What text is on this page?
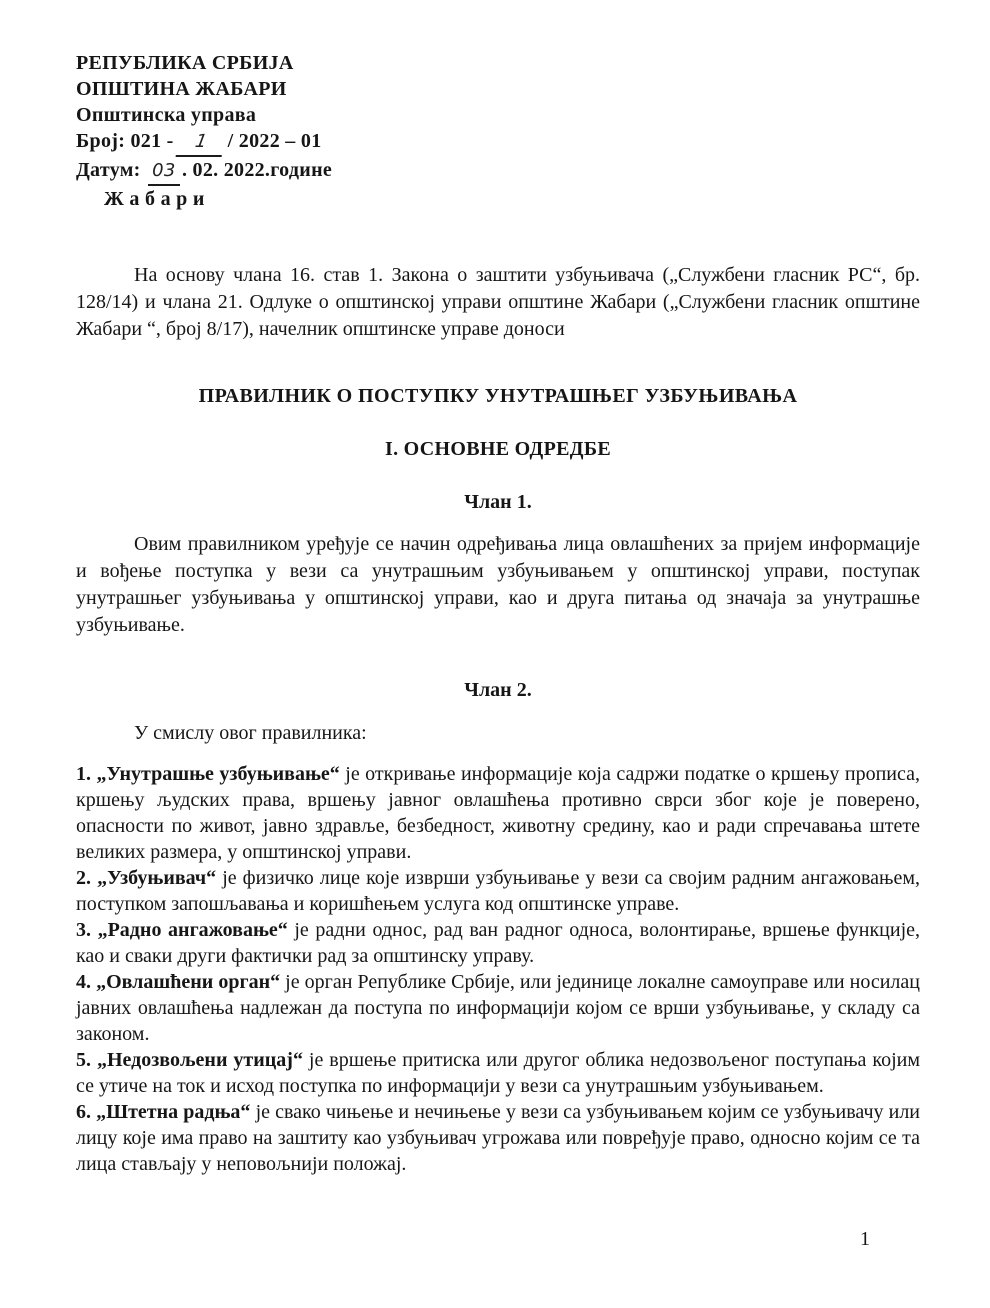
РЕПУБЛИКА СРБИЈА
ОПШТИНА ЖАБАРИ
Општинска управа
Број: 021 - 1 / 2022 – 01
Датум: 03 . 02. 2022.године
Ж а б а р и

На основу члана 16. став 1. Закона о заштити узбуњивача („Службени гласник РС“, бр. 128/14) и члана 21. Одлуке о општинској управи општине Жабари („Службени гласник општине Жабари “, број 8/17), начелник општинске управе доноси

ПРАВИЛНИК О ПОСТУПКУ УНУТРАШЊЕГ УЗБУЊИВАЊА
I. ОСНОВНЕ ОДРЕДБЕ
Члан 1.

Овим правилником уређује се начин одређивања лица овлашћених за пријем информације и вођење поступка у вези са унутрашњим узбуњивањем у општинској управи, поступак унутрашњег узбуњивања у општинској управи, као и друга питања од значаја за унутрашње узбуњивање.

Члан 2.

У смислу овог правилника:

1. „Унутрашње узбуњивање“ је откривање информације која садржи податке о кршењу прописа, кршењу људских права, вршењу јавног овлашћења противно сврси због које је поверено, опасности по живот, јавно здравље, безбедност, животну средину, као и ради спречавања штете великих размера, у општинској управи.

2. „Узбуњивач“ је физичко лице које изврши узбуњивање у вези са својим радним ангажовањем, поступком запошљавања и коришћењем услуга код општинске управе.

3. „Радно ангажовање“ је радни однос, рад ван радног односа, волонтирање, вршење функције, као и сваки други фактички рад за општинску управу.

4. „Овлашћени орган“ је орган Републике Србије, или јединице локалне самоуправе или носилац јавних овлашћења надлежан да поступа по информацији којом се врши узбуњивање, у складу са законом.

5. „Недозвољени утицај“ је вршење притиска или другог облика недозвољеног поступања којим се утиче на ток и исход поступка по информацији у вези са унутрашњим узбуњивањем.

6. „Штетна радња“ је свако чињење и нечињење у вези са узбуњивањем којим се узбуњивачу или лицу које има право на заштиту као узбуњивач угрожава или повређује право, односно којим се та лица стављају у неповољнији положај.

1
